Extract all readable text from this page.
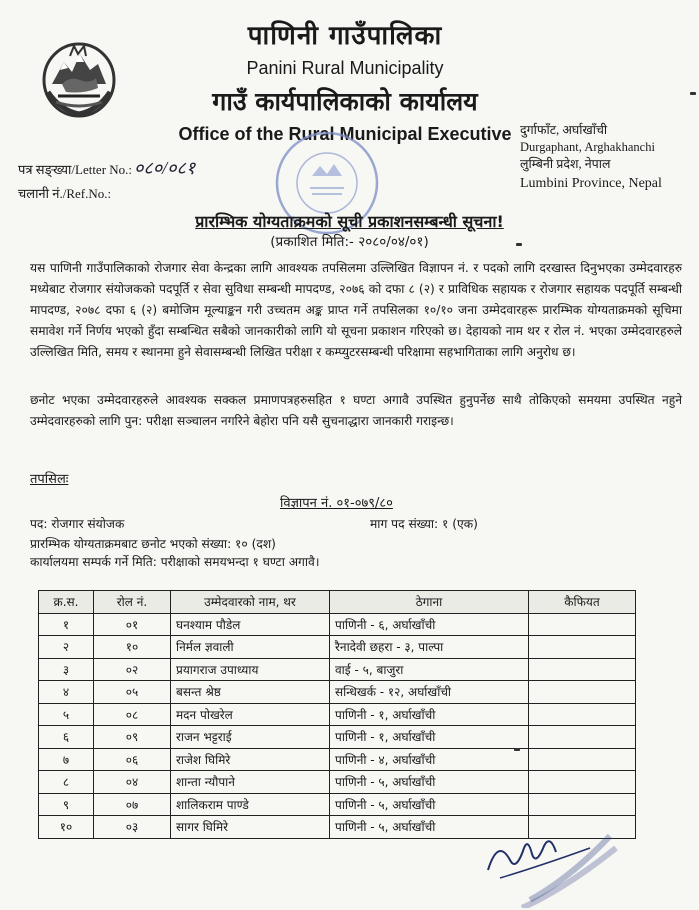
पाणिनी गाउँपालिका
Panini Rural Municipality
गाउँ कार्यपालिकाको कार्यालय
Office of the Rural Municipal Executive दुर्गाफाँट, अर्घाखाँची
Durgaphant, Arghakhanchi
लुम्बिनी प्रदेश, नेपाल
Lumbini Province, Nepal
पत्र सङ्ख्या/Letter No.: ०८०/०८१
चलानी नं./Ref.No.:
प्रारम्भिक योग्यताक्रमको सूची प्रकाशनसम्बन्धी सूचना!
(प्रकाशित मिति:- २०८०/०४/०१)
यस पाणिनी गाउँपालिकाको रोजगार सेवा केन्द्रका लागि आवश्यक तपसिलमा उल्लिखित विज्ञापन नं. र पदको लागि दरखास्त दिनुभएका उम्मेदवारहरु मध्येबाट रोजगार संयोजकको पदपूर्ति र सेवा सुविधा सम्बन्धी मापदण्ड, २०७६ को दफा ८ (२) र प्राविधिक सहायक र रोजगार सहायक पदपूर्ति सम्बन्धी मापदण्ड, २०७८ दफा ६ (२) बमोजिम मूल्याङ्कन गरी उच्चतम अङ्क प्राप्त गर्ने तपसिलका १०/१० जना उम्मेदवारहरू प्रारम्भिक योग्यताक्रमको सूचिमा समावेश गर्ने निर्णय भएको हुँदा सम्बन्धित सबैको जानकारीको लागि यो सूचना प्रकाशन गरिएको छ। देहायको नाम थर र रोल नं. भएका उम्मेदवारहरुले उल्लिखित मिति, समय र स्थानमा हुने सेवासम्बन्धी लिखित परीक्षा र कम्प्युटरसम्बन्धी परिक्षामा सहभागिताका लागि अनुरोध छ।
छनोट भएका उम्मेदवारहरुले आवश्यक सक्कल प्रमाणपत्रहरुसहित १ घण्टा अगावै उपस्थित हुनुपर्नेछ साथै तोकिएको समयमा उपस्थित नहुने उम्मेदवारहरुको लागि पुन: परीक्षा सञ्चालन नगरिने बेहोरा पनि यसै सुचनाद्धारा जानकारी गराइन्छ।
तपसिलः
विज्ञापन नं. ०१-०७९/८०
पद: रोजगार संयोजक	माग पद संख्या: १ (एक)
प्रारम्भिक योग्यताक्रमबाट छनोट भएको संख्या: १० (दश)
कार्यालयमा सम्पर्क गर्ने मिति: परीक्षाको समयभन्दा १ घण्टा अगावै।
क्र.स.	रोल नं.	उम्मेदवारको नाम, थर	ठेगाना	कैफियत
१	०१	घनश्याम पौडेल	पाणिनी - ६, अर्घाखाँची	
२	१०	निर्मल ज्ञवाली	रैनादेवी छहरा - ३, पाल्पा	
३	०२	प्रयागराज उपाध्याय	वाई - ५, बाजुरा	
४	०५	बसन्त श्रेष्ठ	सन्धिखर्क - १२, अर्घाखाँची	
५	०८	मदन पोखरेल	पाणिनी - १, अर्घाखाँची	
६	०९	राजन भट्टराई	पाणिनी - १, अर्घाखाँची	
७	०६	राजेश घिमिरे	पाणिनी - ४, अर्घाखाँची	
८	०४	शान्ता न्यौपाने	पाणिनी - ५, अर्घाखाँची	
९	०७	शालिकराम पाण्डे	पाणिनी - ५, अर्घाखाँची	
१०	०३	सागर घिमिरे	पाणिनी - ५, अर्घाखाँची	
